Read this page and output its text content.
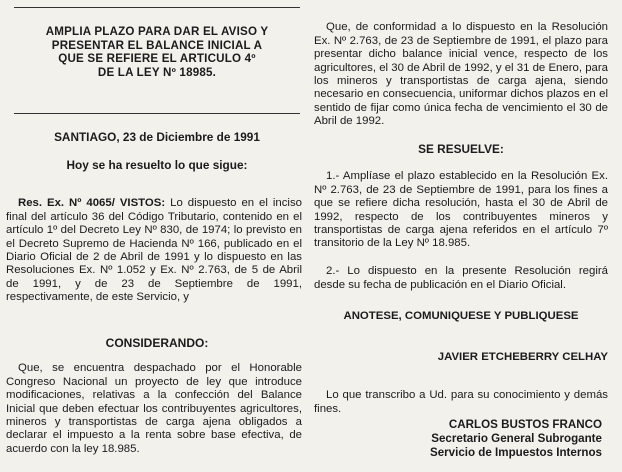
AMPLIA PLAZO PARA DAR EL AVISO Y
PRESENTAR EL BALANCE INICIAL A
QUE SE REFIERE EL ARTICULO 4º
DE LA LEY Nº 18985.
SANTIAGO, 23 de Diciembre de 1991
Hoy se ha resuelto lo que sigue:

Res. Ex. Nº 4065/ VISTOS: Lo dispuesto en el inciso final del artículo 36 del Código Tributario, contenido en el artículo 1º del Decreto Ley Nº 830, de 1974; lo previsto en el Decreto Supremo de Hacienda Nº 166, publicado en el Diario Oficial de 2 de Abril de 1991 y lo dispuesto en las Resoluciones Ex. Nº 1.052 y Ex. Nº 2.763, de 5 de Abril de 1991, y de 23 de Septiembre de 1991, respectivamente, de este Servicio, y

CONSIDERANDO:

Que, se encuentra despachado por el Honorable Congreso Nacional un proyecto de ley que introduce modificaciones, relativas a la confección del Balance Inicial que deben efectuar los contribuyentes agricultores, mineros y transportistas de carga ajena obligados a declarar el impuesto a la renta sobre base efectiva, de acuerdo con la ley 18.985.

Que, de conformidad a lo dispuesto en la Resolución Ex. Nº 2.763, de 23 de Septiembre de 1991, el plazo para presentar dicho balance inicial vence, respecto de los agricultores, el 30 de Abril de 1992, y el 31 de Enero, para los mineros y transportistas de carga ajena, siendo necesario en consecuencia, uniformar dichos plazos en el sentido de fijar como única fecha de vencimiento el 30 de Abril de 1992.

SE RESUELVE:

1.- Amplíase el plazo establecido en la Resolución Ex. Nº 2.763, de 23 de Septiembre de 1991, para los fines a que se refiere dicha resolución, hasta el 30 de Abril de 1992, respecto de los contribuyentes mineros y transportistas de carga ajena referidos en el artículo 7º transitorio de la Ley Nº 18.985.

2.- Lo dispuesto en la presente Resolución regirá desde su fecha de publicación en el Diario Oficial.

ANOTESE, COMUNIQUESE Y PUBLIQUESE
JAVIER ETCHEBERRY CELHAY

Lo que transcribo a Ud. para su conocimiento y demás fines.

CARLOS BUSTOS FRANCO
Secretario General Subrogante
Servicio de Impuestos Internos
